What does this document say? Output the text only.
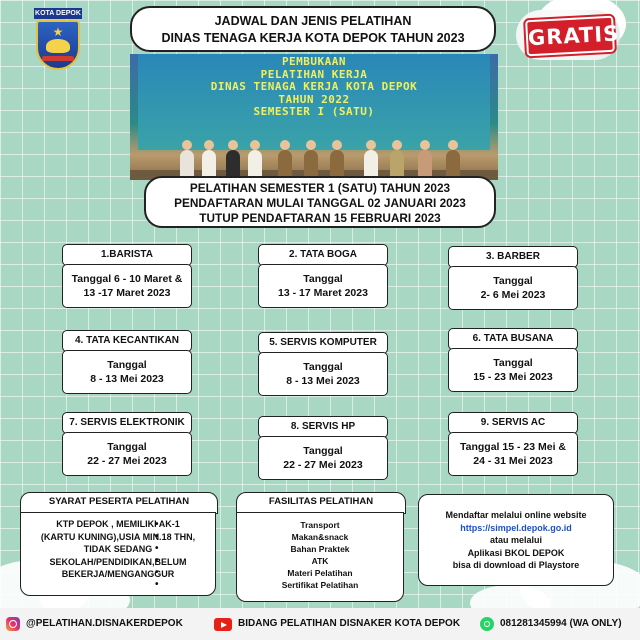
KOTA DEPOK
★	GRATIS
JADWAL DAN JENIS PELATIHAN
DINAS TENAGA KERJA KOTA DEPOK TAHUN 2023
PEMBUKAAN
PELATIHAN KERJA
DINAS TENAGA KERJA KOTA DEPOK
TAHUN 2022
SEMESTER I (SATU)
PELATIHAN SEMESTER 1 (SATU) TAHUN 2023
PENDAFTARAN MULAI TANGGAL 02 JANUARI 2023
TUTUP PENDAFTARAN 15 FEBRUARI 2023
1.BARISTA
Tanggal 6 - 10 Maret &
13 -17 Maret 2023
2. TATA BOGA
Tanggal
13 - 17 Maret 2023
3. BARBER
Tanggal
2- 6 Mei 2023
4. TATA KECANTIKAN
Tanggal
8 - 13 Mei 2023
5. SERVIS KOMPUTER
Tanggal
8 - 13 Mei 2023
6. TATA BUSANA
Tanggal
15 - 23 Mei 2023
7. SERVIS ELEKTRONIK
Tanggal
22 - 27 Mei 2023
8. SERVIS HP
Tanggal
22 - 27 Mei 2023
9. SERVIS AC
Tanggal 15 - 23 Mei &
24 - 31 Mei 2023
SYARAT PESERTA PELATIHAN
KTP DEPOK , MEMILIKI AK-1
(KARTU KUNING),USIA MIN.18 THN,
TIDAK SEDANG
SEKOLAH/PENDIDIKAN,BELUM
BEKERJA/MENGANGGUR
FASILITAS PELATIHAN
• Transport
• Makan&snack
• Bahan Praktek
• ATK
• Materi Pelatihan
• Sertifikat Pelatihan
Mendaftar melalui online website
https://simpel.depok.go.id
atau melalui
Aplikasi BKOL DEPOK
bisa di download di Playstore
@PELATIHAN.DISNAKERDEPOK	BIDANG PELATIHAN DISNAKER KOTA DEPOK	081281345994 (WA ONLY)
